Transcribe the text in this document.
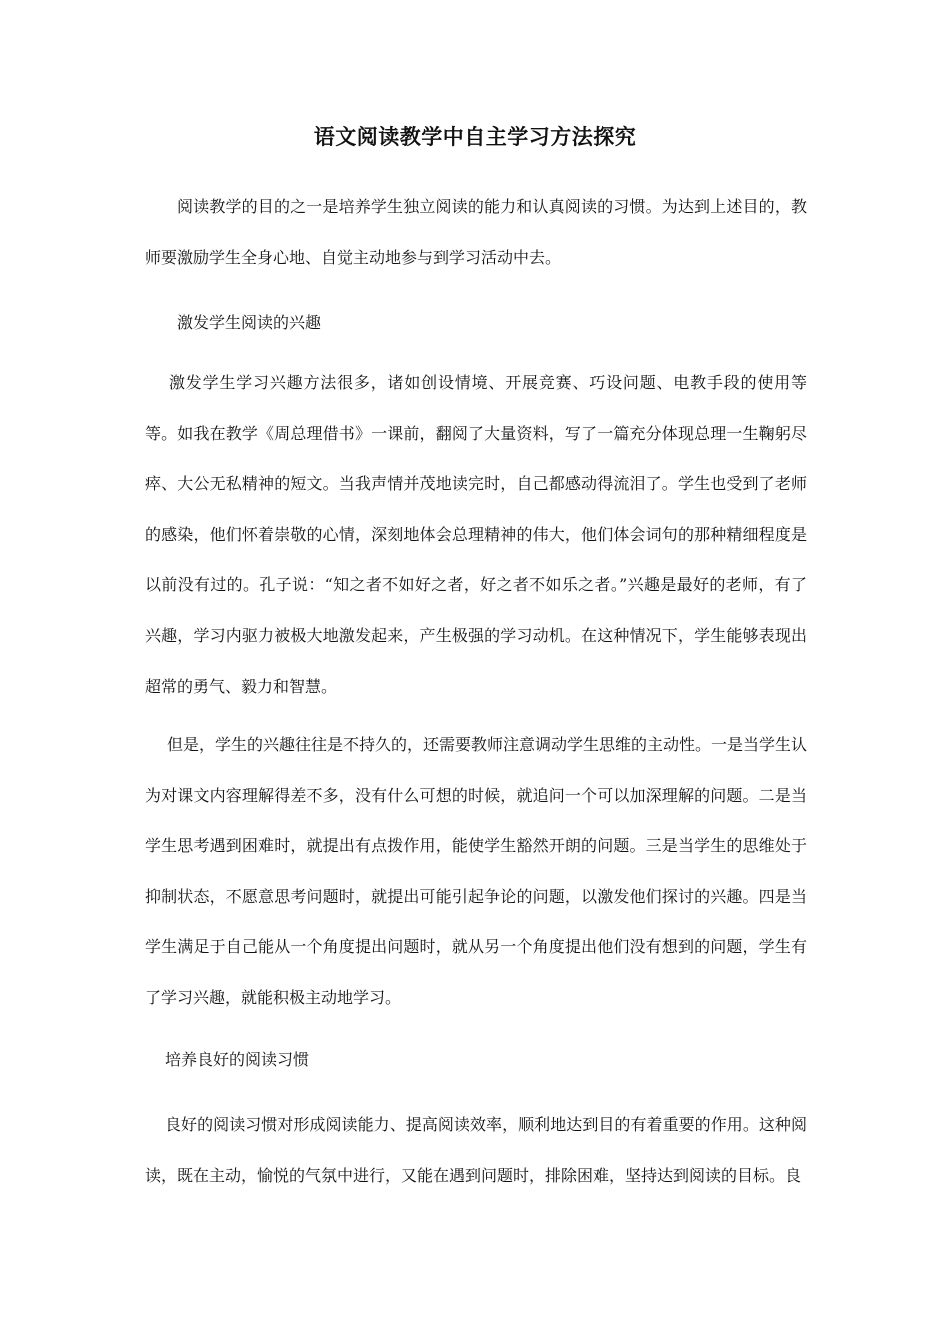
语文阅读教学中自主学习方法探究
阅读教学的目的之一是培养学生独立阅读的能力和认真阅读的习惯。为达到上述目的，教师要激励学生全身心地、自觉主动地参与到学习活动中去。
激发学生阅读的兴趣
激发学生学习兴趣方法很多，诸如创设情境、开展竞赛、巧设问题、电教手段的使用等等。如我在教学《周总理借书》一课前，翻阅了大量资料，写了一篇充分体现总理一生鞠躬尽瘁、大公无私精神的短文。当我声情并茂地读完时，自己都感动得流泪了。学生也受到了老师的感染，他们怀着崇敬的心情，深刻地体会总理精神的伟大，他们体会词句的那种精细程度是以前没有过的。孔子说：“知之者不如好之者，好之者不如乐之者。”兴趣是最好的老师，有了兴趣，学习内驱力被极大地激发起来，产生极强的学习动机。在这种情况下，学生能够表现出超常的勇气、毅力和智慧。
但是，学生的兴趣往往是不持久的，还需要教师注意调动学生思维的主动性。一是当学生认为对课文内容理解得差不多，没有什么可想的时候，就追问一个可以加深理解的问题。二是当学生思考遇到困难时，就提出有点拨作用，能使学生豁然开朗的问题。三是当学生的思维处于抑制状态，不愿意思考问题时，就提出可能引起争论的问题，以激发他们探讨的兴趣。四是当学生满足于自己能从一个角度提出问题时，就从另一个角度提出他们没有想到的问题，学生有了学习兴趣，就能积极主动地学习。
培养良好的阅读习惯
良好的阅读习惯对形成阅读能力、提高阅读效率，顺利地达到目的有着重要的作用。这种阅读，既在主动，愉悦的气氛中进行，又能在遇到问题时，排除困难，坚持达到阅读的目标。良
